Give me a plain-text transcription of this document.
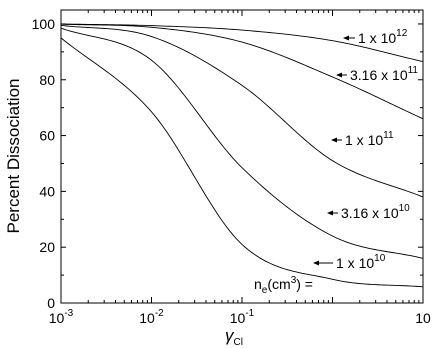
0
20
40
60
80
100
$10^{-3}$	$10^{-2}$	$10^{-1}$	10
1 x $10^{12}$
3.16 x $10^{11}$
1 x $10^{11}$
3.16 x $10^{10}$
1 x $10^{10}$
Percent Dissociation
$\gamma_{Cl}$
$n_e(cm^3)$ =
